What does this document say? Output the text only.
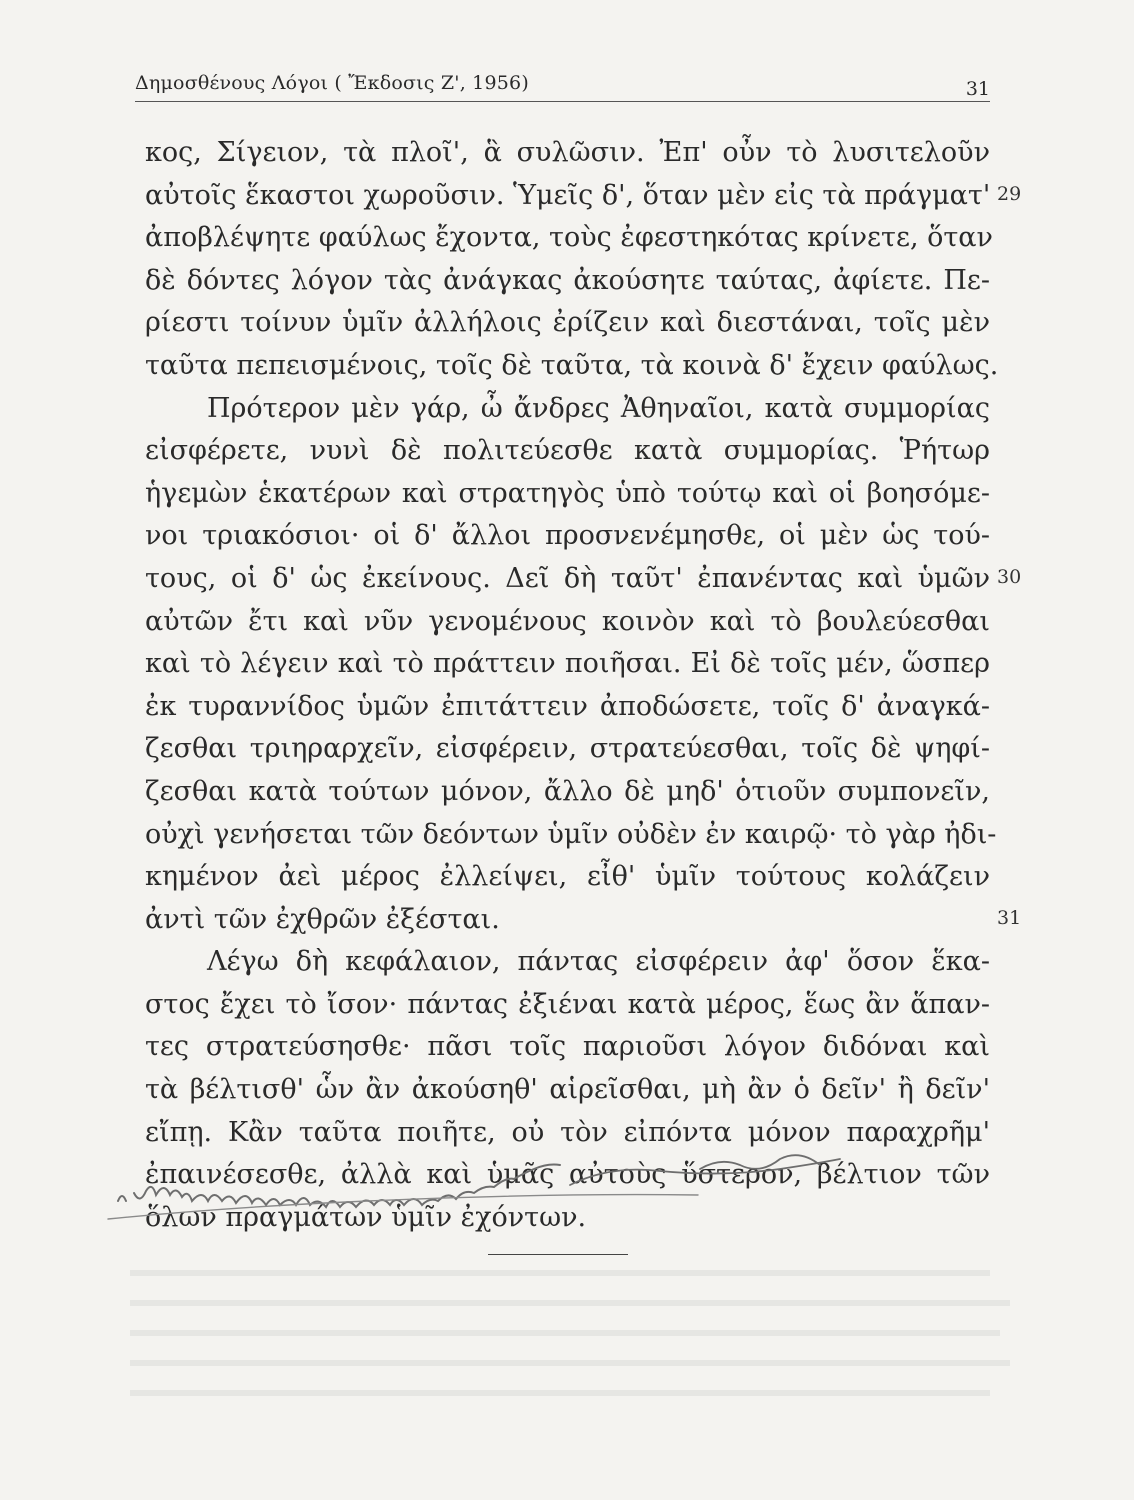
Δημοσθένους Λόγοι ( Ἔκδοσις Ζ', 1956)	31
κος, Σίγειον, τὰ πλοῖ', ἃ συλῶσιν. Ἐπ' οὖν τὸ λυσιτελοῦν
αὐτοῖς ἕκαστοι χωροῦσιν. Ὑμεῖς δ', ὅταν μὲν εἰς τὰ πράγματ'
ἀποβλέψητε φαύλως ἔχοντα, τοὺς ἐφεστηκότας κρίνετε, ὅταν
δὲ δόντες λόγον τὰς ἀνάγκας ἀκούσητε ταύτας, ἀφίετε. Πε-
ρίεστι τοίνυν ὑμῖν ἀλλήλοις ἐρίζειν καὶ διεστάναι, τοῖς μὲν
ταῦτα πεπεισμένοις, τοῖς δὲ ταῦτα, τὰ κοινὰ δ' ἔχειν φαύλως.
Πρότερον μὲν γάρ, ὦ ἄνδρες Ἀθηναῖοι, κατὰ συμμορίας
εἰσφέρετε, νυνὶ δὲ πολιτεύεσθε κατὰ συμμορίας. Ῥήτωρ
ἡγεμὼν ἑκατέρων καὶ στρατηγὸς ὑπὸ τούτῳ καὶ οἱ βοησόμε-
νοι τριακόσιοι· οἱ δ' ἄλλοι προσνενέμησθε, οἱ μὲν ὡς τού-
τους, οἱ δ' ὡς ἐκείνους. Δεῖ δὴ ταῦτ' ἐπανέντας καὶ ὑμῶν
αὐτῶν ἔτι καὶ νῦν γενομένους κοινὸν καὶ τὸ βουλεύεσθαι
καὶ τὸ λέγειν καὶ τὸ πράττειν ποιῆσαι. Εἰ δὲ τοῖς μέν, ὥσπερ
ἐκ τυραννίδος ὑμῶν ἐπιτάττειν ἀποδώσετε, τοῖς δ' ἀναγκά-
ζεσθαι τριηραρχεῖν, εἰσφέρειν, στρατεύεσθαι, τοῖς δὲ ψηφί-
ζεσθαι κατὰ τούτων μόνον, ἄλλο δὲ μηδ' ὁτιοῦν συμπονεῖν,
οὐχὶ γενήσεται τῶν δεόντων ὑμῖν οὐδὲν ἐν καιρῷ· τὸ γὰρ ἠδι-
κημένον ἀεὶ μέρος ἐλλείψει, εἶθ' ὑμῖν τούτους κολάζειν
ἀντὶ τῶν ἐχθρῶν ἐξέσται.
Λέγω δὴ κεφάλαιον, πάντας εἰσφέρειν ἀφ' ὅσον ἕκα-
στος ἔχει τὸ ἴσον· πάντας ἐξιέναι κατὰ μέρος, ἕως ἂν ἅπαν-
τες στρατεύσησθε· πᾶσι τοῖς παριοῦσι λόγον διδόναι καὶ
τὰ βέλτισθ' ὧν ἂν ἀκούσηθ' αἱρεῖσθαι, μὴ ἂν ὁ δεῖν' ἢ δεῖν'
εἴπῃ. Κἂν ταῦτα ποιῆτε, οὐ τὸν εἰπόντα μόνον παραχρῆμ'
ἐπαινέσεσθε, ἀλλὰ καὶ ὑμᾶς αὐτοὺς ὕστερον, βέλτιον τῶν
ὅλων πραγμάτων ὑμῖν ἐχόντων.
29
30
31
